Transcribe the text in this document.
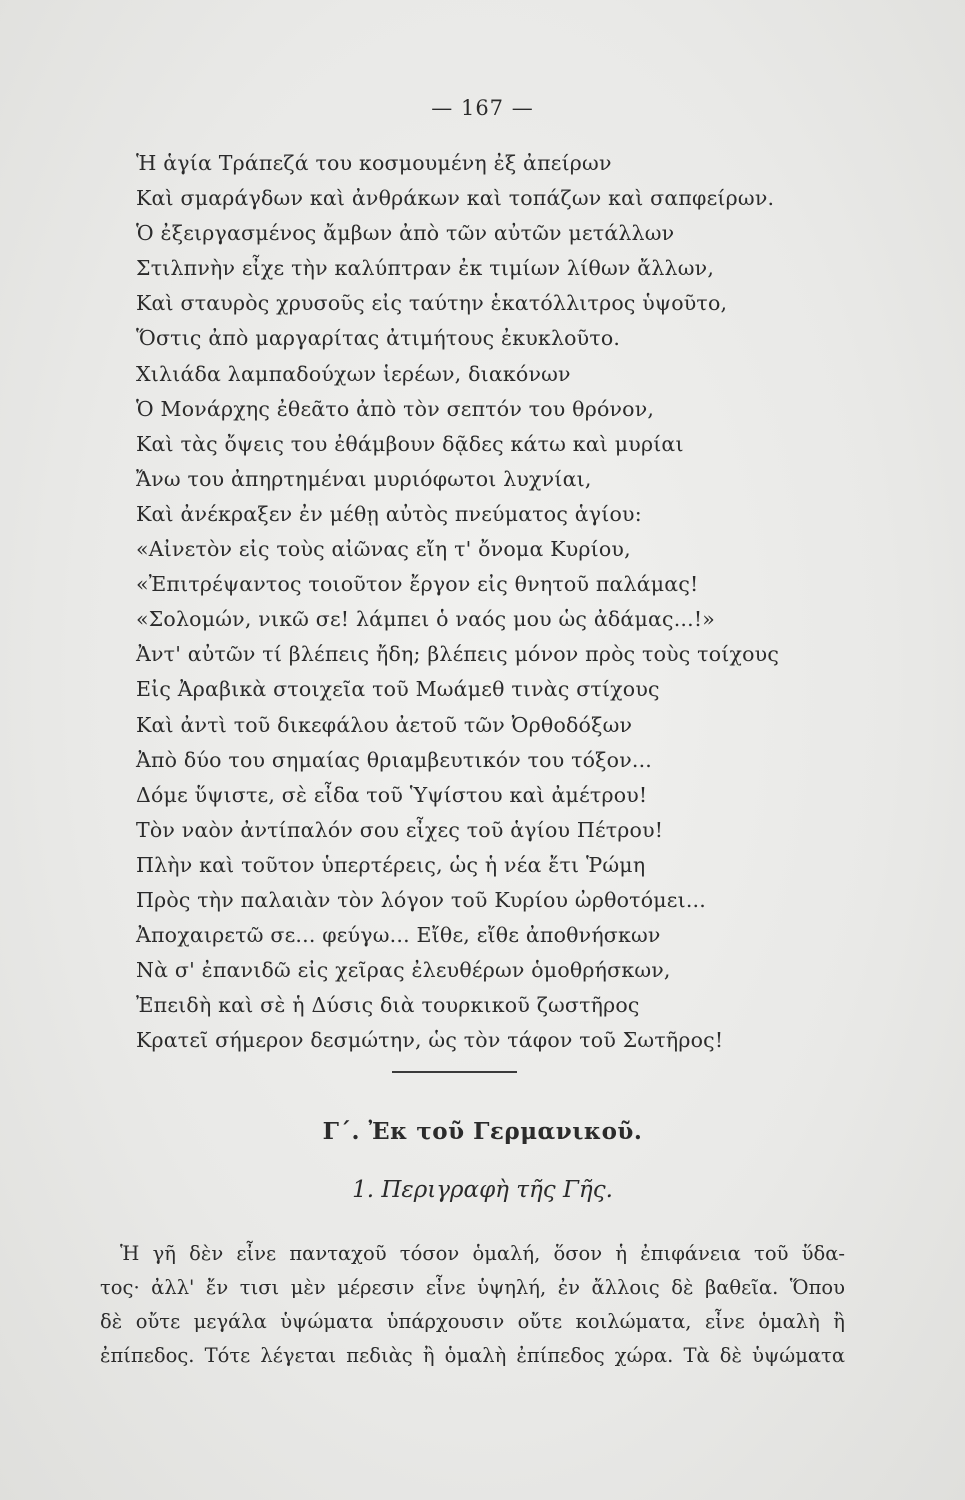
— 167 —
Ἡ ἁγία Τράπεζά του κοσμουμένη ἐξ ἀπείρων
Καὶ σμαράγδων καὶ ἀνθράκων καὶ τοπάζων καὶ σαπφείρων.
Ὁ ἐξειργασμένος ἄμβων ἀπὸ τῶν αὐτῶν μετάλλων
Στιλπνὴν εἶχε τὴν καλύπτραν ἐκ τιμίων λίθων ἄλλων,
Καὶ σταυρὸς χρυσοῦς εἰς ταύτην ἑκατόλλιτρος ὑψοῦτο,
Ὅστις ἀπὸ μαργαρίτας ἀτιμήτους ἐκυκλοῦτο.
Χιλιάδα λαμπαδούχων ἱερέων, διακόνων
Ὁ Μονάρχης ἐθεᾶτο ἀπὸ τὸν σεπτόν του θρόνον,
Καὶ τὰς ὄψεις του ἐθάμβουν δᾷδες κάτω καὶ μυρίαι
Ἄνω του ἀπηρτημέναι μυριόφωτοι λυχνίαι,
Καὶ ἀνέκραξεν ἐν μέθῃ αὐτὸς πνεύματος ἁγίου:
«Αἰνετὸν εἰς τοὺς αἰῶνας εἴη τ' ὄνομα Κυρίου,
«Ἐπιτρέψαντος τοιοῦτον ἔργον εἰς θνητοῦ παλάμας!
«Σολομών, νικῶ σε! λάμπει ὁ ναός μου ὡς ἀδάμας...!»
Ἀντ' αὐτῶν τί βλέπεις ἤδη; βλέπεις μόνον πρὸς τοὺς τοίχους
Εἰς Ἀραβικὰ στοιχεῖα τοῦ Μωάμεθ τινὰς στίχους
Καὶ ἀντὶ τοῦ δικεφάλου ἀετοῦ τῶν Ὀρθοδόξων
Ἀπὸ δύο του σημαίας θριαμβευτικόν του τόξον...
Δόμε ὕψιστε, σὲ εἶδα τοῦ Ὑψίστου καὶ ἀμέτρου!
Τὸν ναὸν ἀντίπαλόν σου εἶχες τοῦ ἁγίου Πέτρου!
Πλὴν καὶ τοῦτον ὑπερτέρεις, ὡς ἡ νέα ἔτι Ῥώμη
Πρὸς τὴν παλαιὰν τὸν λόγον τοῦ Κυρίου ὠρθοτόμει...
Ἀποχαιρετῶ σε... φεύγω... Εἴθε, εἴθε ἀποθνήσκων
Νὰ σ' ἐπανιδῶ εἰς χεῖρας ἐλευθέρων ὁμοθρήσκων,
Ἐπειδὴ καὶ σὲ ἡ Δύσις διὰ τουρκικοῦ ζωστῆρος
Κρατεῖ σήμερον δεσμώτην, ὡς τὸν τάφον τοῦ Σωτῆρος!
Γ΄. Ἐκ τοῦ Γερμανικοῦ.
1. Περιγραφὴ τῆς Γῆς.
Ἡ γῆ δὲν εἶνε πανταχοῦ τόσον ὁμαλή, ὅσον ἡ ἐπιφάνεια τοῦ ὕδα-
τος· ἀλλ' ἔν τισι μὲν μέρεσιν εἶνε ὑψηλή, ἐν ἄλλοις δὲ βαθεῖα. Ὅπου
δὲ οὔτε μεγάλα ὑψώματα ὑπάρχουσιν οὔτε κοιλώματα, εἶνε ὁμαλὴ ἢ
ἐπίπεδος. Τότε λέγεται πεδιὰς ἢ ὁμαλὴ ἐπίπεδος χώρα. Τὰ δὲ ὑψώματα
